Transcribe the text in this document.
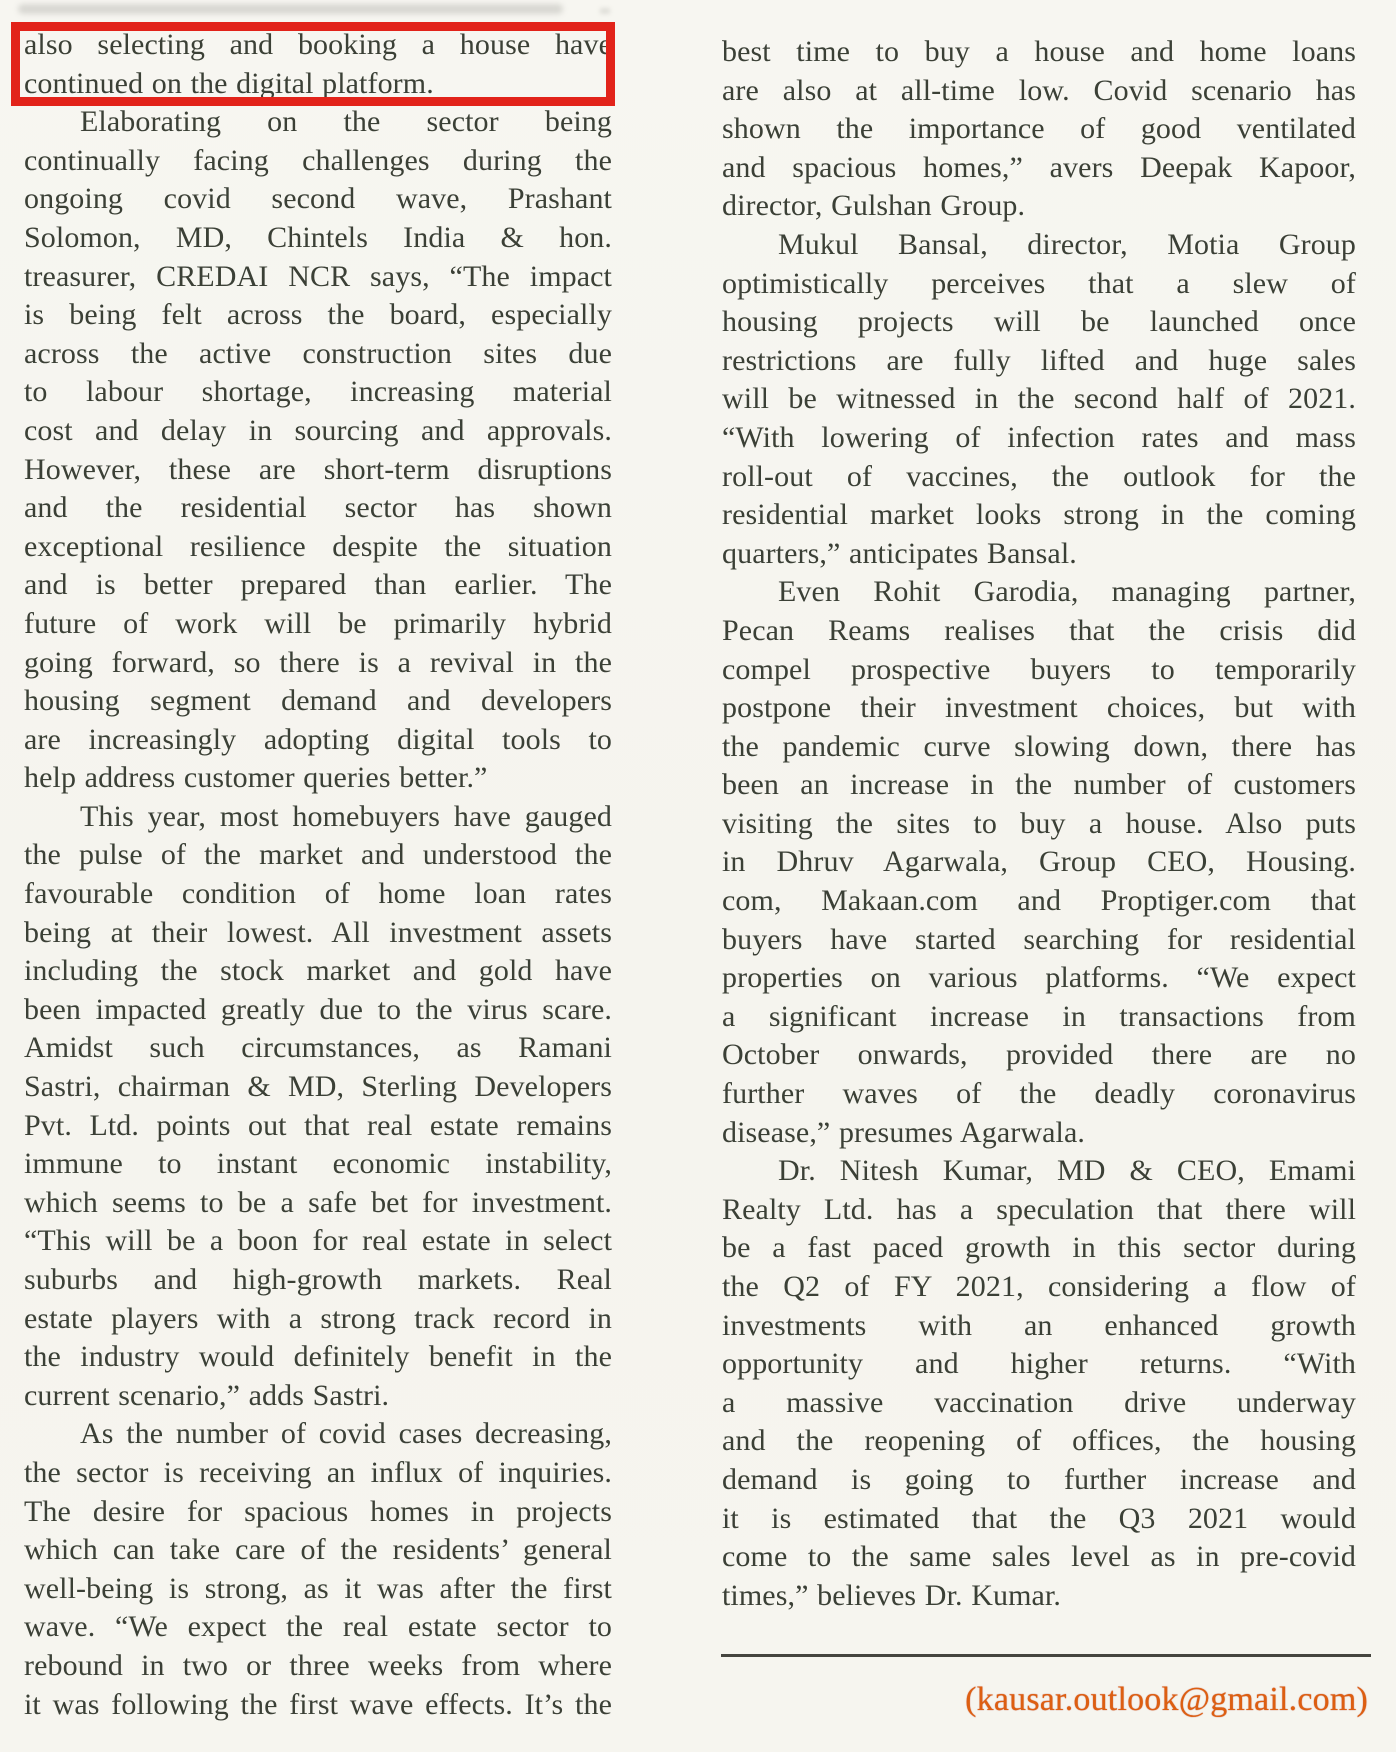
also selecting and booking a house have
continued on the digital platform.
Elaborating on the sector being
continually facing challenges during the
ongoing covid second wave, Prashant
Solomon, MD, Chintels India & hon.
treasurer, CREDAI NCR says, “The impact
is being felt across the board, especially
across the active construction sites due
to labour shortage, increasing material
cost and delay in sourcing and approvals.
However, these are short-term disruptions
and the residential sector has shown
exceptional resilience despite the situation
and is better prepared than earlier. The
future of work will be primarily hybrid
going forward, so there is a revival in the
housing segment demand and developers
are increasingly adopting digital tools to
help address customer queries better.”
This year, most homebuyers have gauged
the pulse of the market and understood the
favourable condition of home loan rates
being at their lowest. All investment assets
including the stock market and gold have
been impacted greatly due to the virus scare.
Amidst such circumstances, as Ramani
Sastri, chairman & MD, Sterling Developers
Pvt. Ltd. points out that real estate remains
immune to instant economic instability,
which seems to be a safe bet for investment.
“This will be a boon for real estate in select
suburbs and high-growth markets. Real
estate players with a strong track record in
the industry would definitely benefit in the
current scenario,” adds Sastri.
As the number of covid cases decreasing,
the sector is receiving an influx of inquiries.
The desire for spacious homes in projects
which can take care of the residents’ general
well-being is strong, as it was after the first
wave. “We expect the real estate sector to
rebound in two or three weeks from where
it was following the first wave effects. It’s the
best time to buy a house and home loans
are also at all-time low. Covid scenario has
shown the importance of good ventilated
and spacious homes,” avers Deepak Kapoor,
director, Gulshan Group.
Mukul Bansal, director, Motia Group
optimistically perceives that a slew of
housing projects will be launched once
restrictions are fully lifted and huge sales
will be witnessed in the second half of 2021.
“With lowering of infection rates and mass
roll-out of vaccines, the outlook for the
residential market looks strong in the coming
quarters,” anticipates Bansal.
Even Rohit Garodia, managing partner,
Pecan Reams realises that the crisis did
compel prospective buyers to temporarily
postpone their investment choices, but with
the pandemic curve slowing down, there has
been an increase in the number of customers
visiting the sites to buy a house. Also puts
in Dhruv Agarwala, Group CEO, Housing.
com, Makaan.com and Proptiger.com that
buyers have started searching for residential
properties on various platforms. “We expect
a significant increase in transactions from
October onwards, provided there are no
further waves of the deadly coronavirus
disease,” presumes Agarwala.
Dr. Nitesh Kumar, MD & CEO, Emami
Realty Ltd. has a speculation that there will
be a fast paced growth in this sector during
the Q2 of FY 2021, considering a flow of
investments with an enhanced growth
opportunity and higher returns. “With
a massive vaccination drive underway
and the reopening of offices, the housing
demand is going to further increase and
it is estimated that the Q3 2021 would
come to the same sales level as in pre-covid
times,” believes Dr. Kumar.
(kausar.outlook@gmail.com)
